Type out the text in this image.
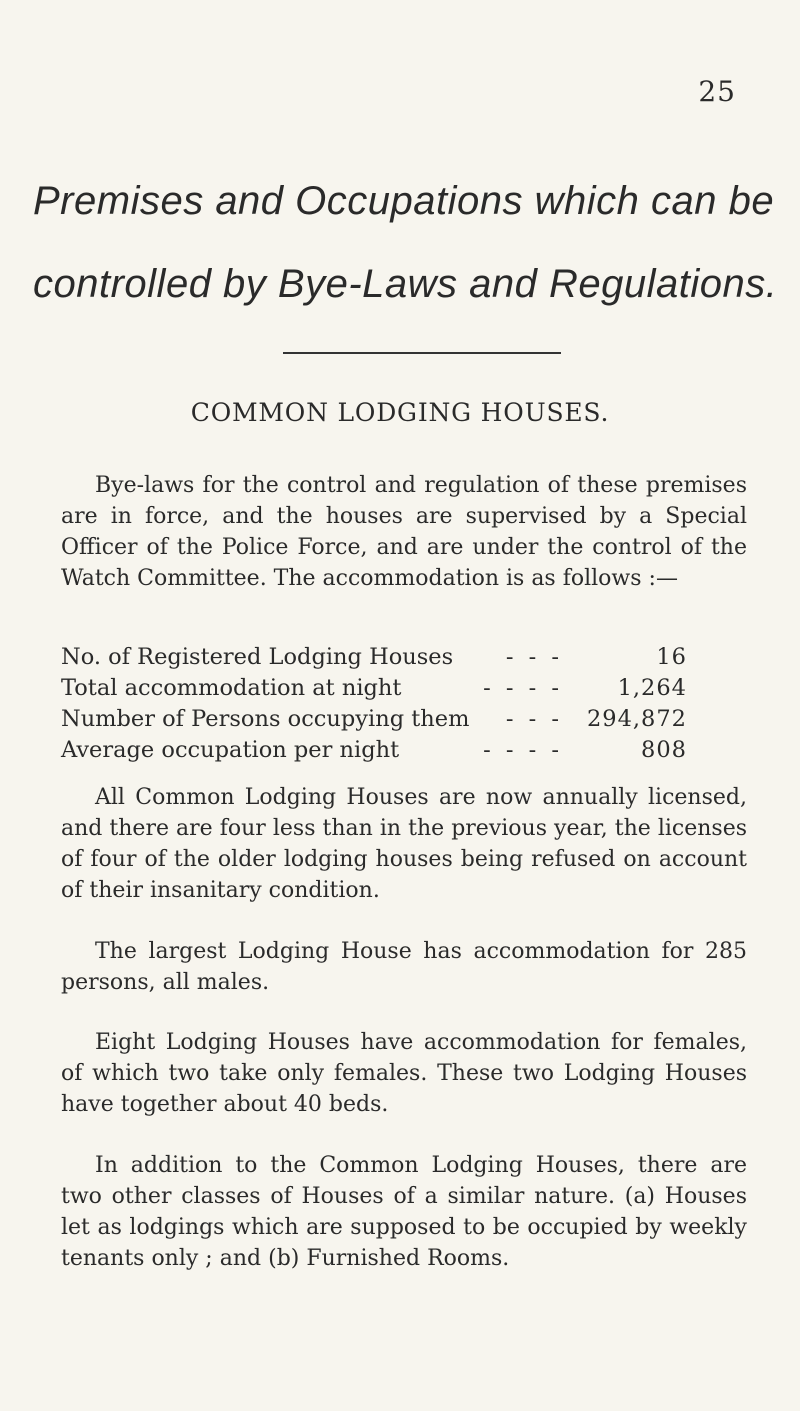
25
Premises and Occupations which can be
controlled by Bye-Laws and Regulations.
COMMON LODGING HOUSES.

Bye-laws for the control and regulation of these premises are in force, and the houses are supervised by a Special Officer of the Police Force, and are under the control of the Watch Committee. The accommodation is as follows :—

No. of Registered Lodging Houses	- - -	16
Total accommodation at night	- - - -	1,264
Number of Persons occupying them	- - -	294,872
Average occupation per night	- - - -	808

All Common Lodging Houses are now annually licensed, and there are four less than in the previous year, the licenses of four of the older lodging houses being refused on account of their insanitary condition.

The largest Lodging House has accommodation for 285 persons, all males.

Eight Lodging Houses have accommodation for females, of which two take only females. These two Lodging Houses have together about 40 beds.

In addition to the Common Lodging Houses, there are two other classes of Houses of a similar nature. (a) Houses let as lodgings which are supposed to be occupied by weekly tenants only ; and (b) Furnished Rooms.
